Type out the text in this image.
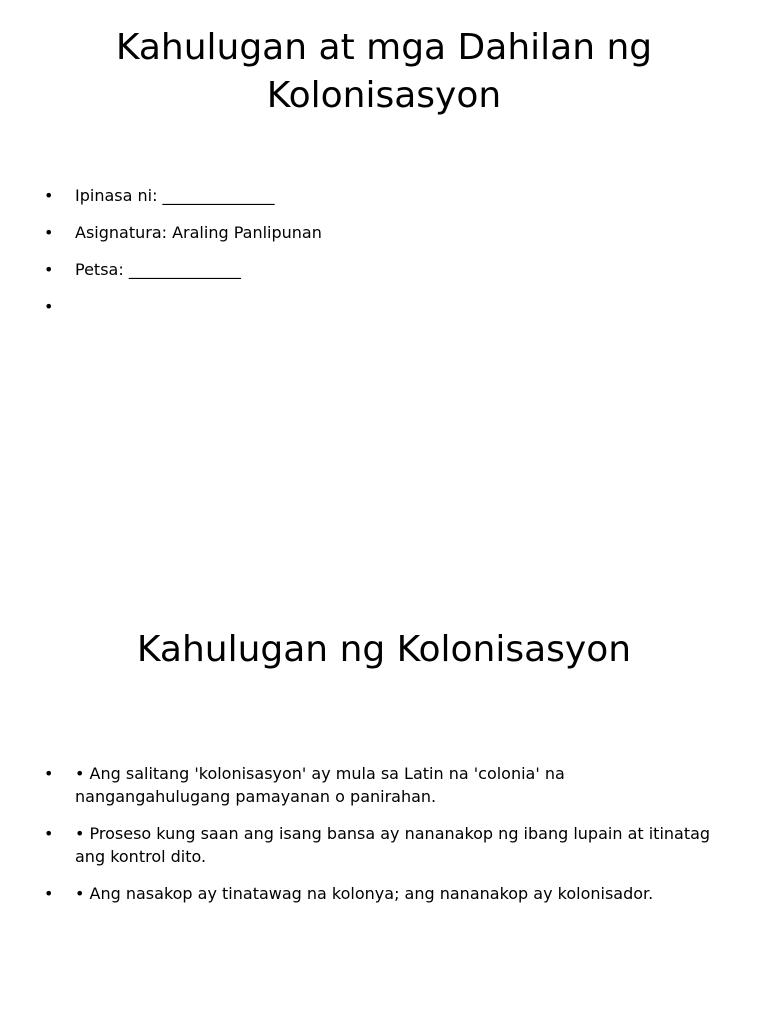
Kahulugan at mga Dahilan ng Kolonisasyon
• Ipinasa ni: ______________
• Asignatura: Araling Panlipunan
• Petsa: ______________
•
Kahulugan ng Kolonisasyon
• • Ang salitang 'kolonisasyon' ay mula sa Latin na 'colonia' na nangangahulugang pamayanan o panirahan.
• • Proseso kung saan ang isang bansa ay nananakop ng ibang lupain at itinatag ang kontrol dito.
• • Ang nasakop ay tinatawag na kolonya; ang nananakop ay kolonisador.
